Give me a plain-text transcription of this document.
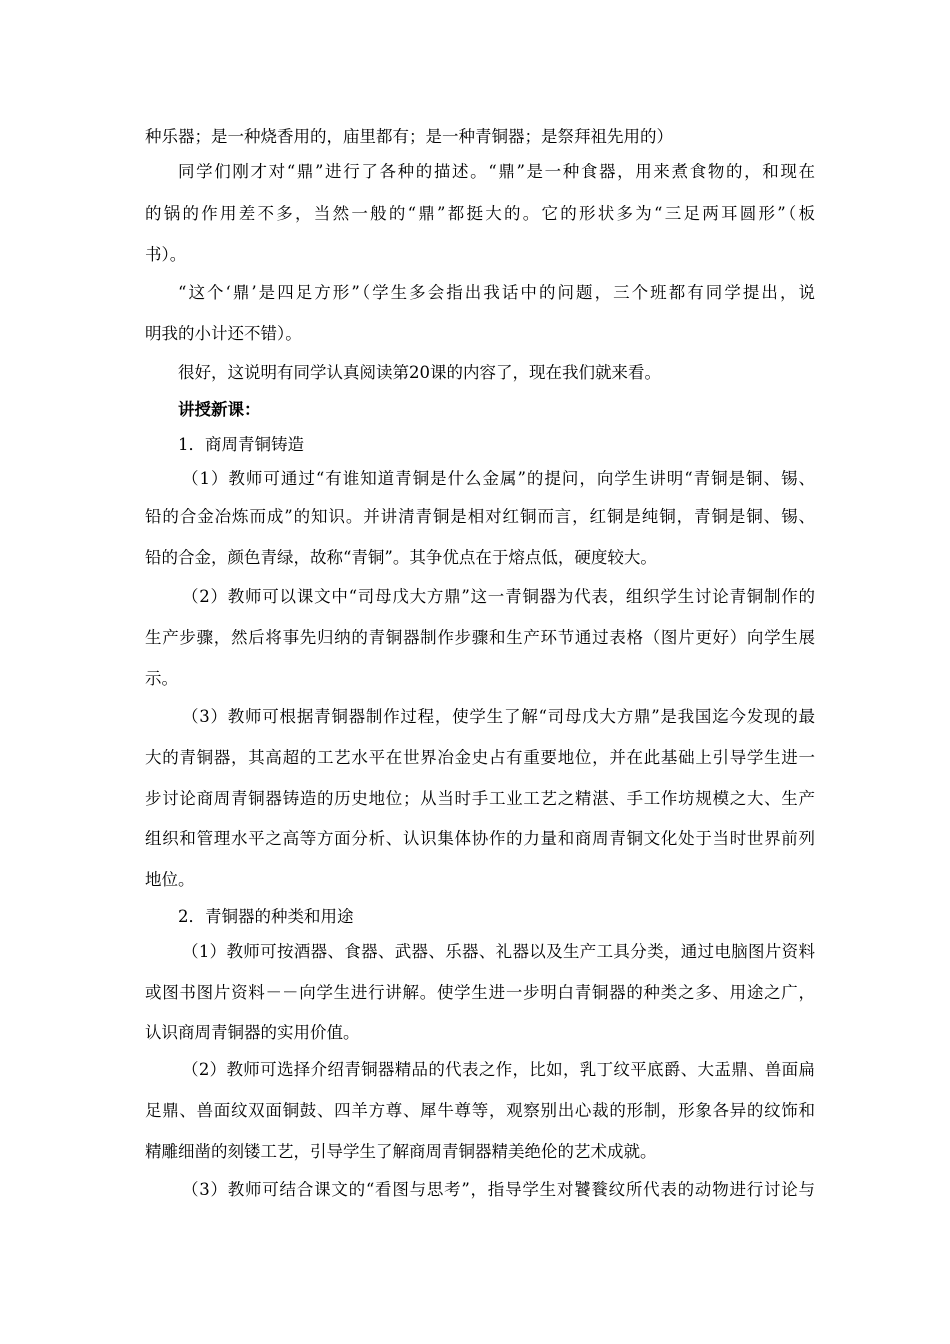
种乐器；是一种烧香用的，庙里都有；是一种青铜器；是祭拜祖先用的）
同学们刚才对“鼎”进行了各种的描述。“鼎”是一种食器，用来煮食物的，和现在
的锅的作用差不多，当然一般的“鼎”都挺大的。它的形状多为“三足两耳圆形”（板
书）。
“这个‘鼎’是四足方形”（学生多会指出我话中的问题，三个班都有同学提出，说
明我的小计还不错）。
很好，这说明有同学认真阅读第20课的内容了，现在我们就来看。
讲授新课：
1．商周青铜铸造
（1）教师可通过“有谁知道青铜是什么金属”的提问，向学生讲明“青铜是铜、锡、
铅的合金冶炼而成”的知识。并讲清青铜是相对红铜而言，红铜是纯铜，青铜是铜、锡、
铅的合金，颜色青绿，故称“青铜”。其争优点在于熔点低，硬度较大。
（2）教师可以课文中“司母戊大方鼎”这一青铜器为代表，组织学生讨论青铜制作的
生产步骤，然后将事先归纳的青铜器制作步骤和生产环节通过表格（图片更好）向学生展
示。
（3）教师可根据青铜器制作过程，使学生了解“司母戊大方鼎”是我国迄今发现的最
大的青铜器，其高超的工艺水平在世界冶金史占有重要地位，并在此基础上引导学生进一
步讨论商周青铜器铸造的历史地位；从当时手工业工艺之精湛、手工作坊规模之大、生产
组织和管理水平之高等方面分析、认识集体协作的力量和商周青铜文化处于当时世界前列
地位。
2．青铜器的种类和用途
（1）教师可按酒器、食器、武器、乐器、礼器以及生产工具分类，通过电脑图片资料
或图书图片资料－－向学生进行讲解。使学生进一步明白青铜器的种类之多、用途之广，
认识商周青铜器的实用价值。
（2）教师可选择介绍青铜器精品的代表之作，比如，乳丁纹平底爵、大盂鼎、兽面扁
足鼎、兽面纹双面铜鼓、四羊方尊、犀牛尊等，观察别出心裁的形制，形象各异的纹饰和
精雕细凿的刻镂工艺，引导学生了解商周青铜器精美绝伦的艺术成就。
（3）教师可结合课文的“看图与思考”，指导学生对饕餮纹所代表的动物进行讨论与
